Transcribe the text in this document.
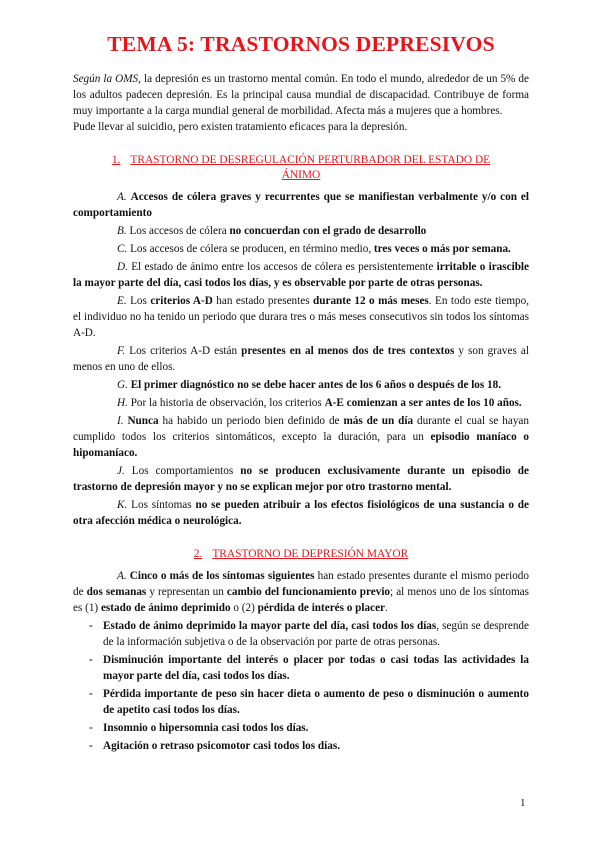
TEMA 5: TRASTORNOS DEPRESIVOS

Según la OMS, la depresión es un trastorno mental común. En todo el mundo, alrededor de un 5% de los adultos padecen depresión. Es la principal causa mundial de discapacidad. Contribuye de forma muy importante a la carga mundial general de morbilidad. Afecta más a mujeres que a hombres.

Pude llevar al suicidio, pero existen tratamiento eficaces para la depresión.

1. TRASTORNO DE DESREGULACIÓN PERTURBADOR DEL ESTADO DE ÁNIMO

A. Accesos de cólera graves y recurrentes que se manifiestan verbalmente y/o con el comportamiento

B. Los accesos de cólera no concuerdan con el grado de desarrollo

C. Los accesos de cólera se producen, en término medio, tres veces o más por semana.

D. El estado de ánimo entre los accesos de cólera es persistentemente irritable o irascible la mayor parte del día, casi todos los días, y es observable por parte de otras personas.

E. Los criterios A-D han estado presentes durante 12 o más meses. En todo este tiempo, el individuo no ha tenido un periodo que durara tres o más meses consecutivos sin todos los síntomas A-D.

F. Los criterios A-D están presentes en al menos dos de tres contextos y son graves al menos en uno de ellos.

G. El primer diagnóstico no se debe hacer antes de los 6 años o después de los 18.

H. Por la historia de observación, los criterios A-E comienzan a ser antes de los 10 años.

I. Nunca ha habido un periodo bien definido de más de un día durante el cual se hayan cumplido todos los criterios sintomáticos, excepto la duración, para un episodio maníaco o hipomaníaco.

J. Los comportamientos no se producen exclusivamente durante un episodio de trastorno de depresión mayor y no se explican mejor por otro trastorno mental.

K. Los síntomas no se pueden atribuir a los efectos fisiológicos de una sustancia o de otra afección médica o neurológica.

2. TRASTORNO DE DEPRESIÓN MAYOR

A. Cinco o más de los síntomas siguientes han estado presentes durante el mismo periodo de dos semanas y representan un cambio del funcionamiento previo; al menos uno de los síntomas es (1) estado de ánimo deprimido o (2) pérdida de interés o placer.

- Estado de ánimo deprimido la mayor parte del día, casi todos los días, según se desprende de la información subjetiva o de la observación por parte de otras personas.
- Disminución importante del interés o placer por todas o casi todas las actividades la mayor parte del día, casi todos los días.
- Pérdida importante de peso sin hacer dieta o aumento de peso o disminución o aumento de apetito casi todos los días.
- Insomnio o hipersomnia casi todos los días.
- Agitación o retraso psicomotor casi todos los días.
1
